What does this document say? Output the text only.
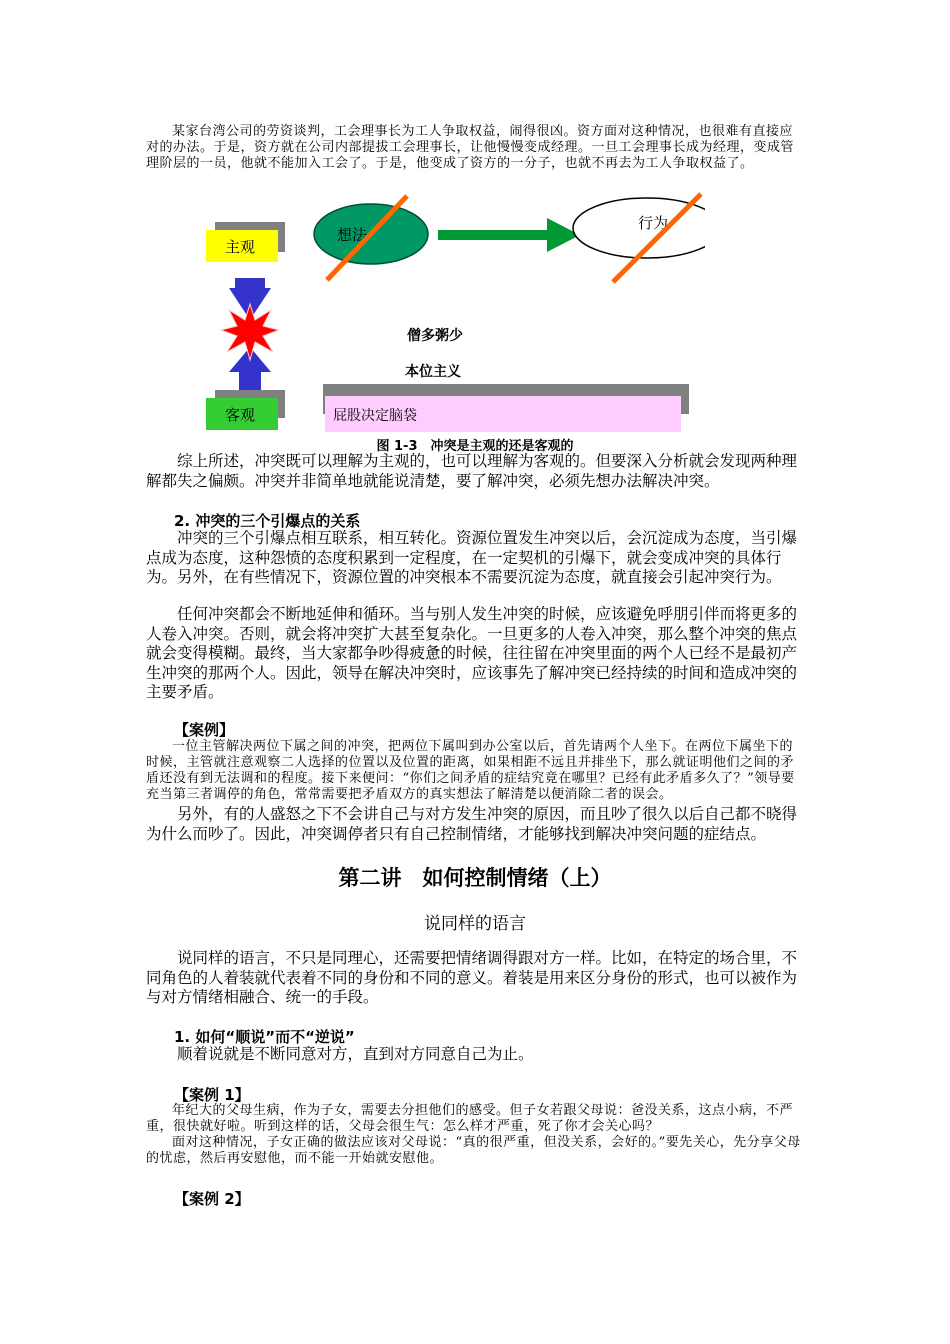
某家台湾公司的劳资谈判，工会理事长为工人争取权益，闹得很凶。资方面对这种情况，也很难有直接应对的办法。于是，资方就在公司内部提拔工会理事长，让他慢慢变成经理。一旦工会理事长成为经理，变成管理阶层的一员，他就不能加入工会了。于是，他变成了资方的一分子，也就不再去为工人争取权益了。
主观
客观
想法
行为
僧多粥少
本位主义
屁股决定脑袋
图 1-3　冲突是主观的还是客观的
综上所述，冲突既可以理解为主观的，也可以理解为客观的。但要深入分析就会发现两种理解都失之偏颇。冲突并非简单地就能说清楚，要了解冲突，必须先想办法解决冲突。
2. 冲突的三个引爆点的关系
冲突的三个引爆点相互联系，相互转化。资源位置发生冲突以后，会沉淀成为态度，当引爆点成为态度，这种怨愤的态度积累到一定程度，在一定契机的引爆下，就会变成冲突的具体行为。另外，在有些情况下，资源位置的冲突根本不需要沉淀为态度，就直接会引起冲突行为。
任何冲突都会不断地延伸和循环。当与别人发生冲突的时候，应该避免呼朋引伴而将更多的人卷入冲突。否则，就会将冲突扩大甚至复杂化。一旦更多的人卷入冲突，那么整个冲突的焦点就会变得模糊。最终，当大家都争吵得疲惫的时候，往往留在冲突里面的两个人已经不是最初产生冲突的那两个人。因此，领导在解决冲突时，应该事先了解冲突已经持续的时间和造成冲突的主要矛盾。
【案例】
一位主管解决两位下属之间的冲突，把两位下属叫到办公室以后，首先请两个人坐下。在两位下属坐下的时候，主管就注意观察二人选择的位置以及位置的距离，如果相距不远且并排坐下，那么就证明他们之间的矛盾还没有到无法调和的程度。接下来便问：“你们之间矛盾的症结究竟在哪里？已经有此矛盾多久了？”领导要充当第三者调停的角色，常常需要把矛盾双方的真实想法了解清楚以便消除二者的误会。
另外，有的人盛怒之下不会讲自己与对方发生冲突的原因，而且吵了很久以后自己都不晓得为什么而吵了。因此，冲突调停者只有自己控制情绪，才能够找到解决冲突问题的症结点。
第二讲　如何控制情绪（上）
说同样的语言
说同样的语言，不只是同理心，还需要把情绪调得跟对方一样。比如，在特定的场合里，不同角色的人着装就代表着不同的身份和不同的意义。着装是用来区分身份的形式，也可以被作为与对方情绪相融合、统一的手段。
1. 如何“顺说”而不“逆说”
顺着说就是不断同意对方，直到对方同意自己为止。
【案例 1】
年纪大的父母生病，作为子女，需要去分担他们的感受。但子女若跟父母说：爸没关系，这点小病，不严重，很快就好啦。听到这样的话，父母会很生气：怎么样才严重，死了你才会关心吗？
面对这种情况，子女正确的做法应该对父母说：“真的很严重，但没关系，会好的。”要先关心，先分享父母的忧虑，然后再安慰他，而不能一开始就安慰他。
【案例 2】
